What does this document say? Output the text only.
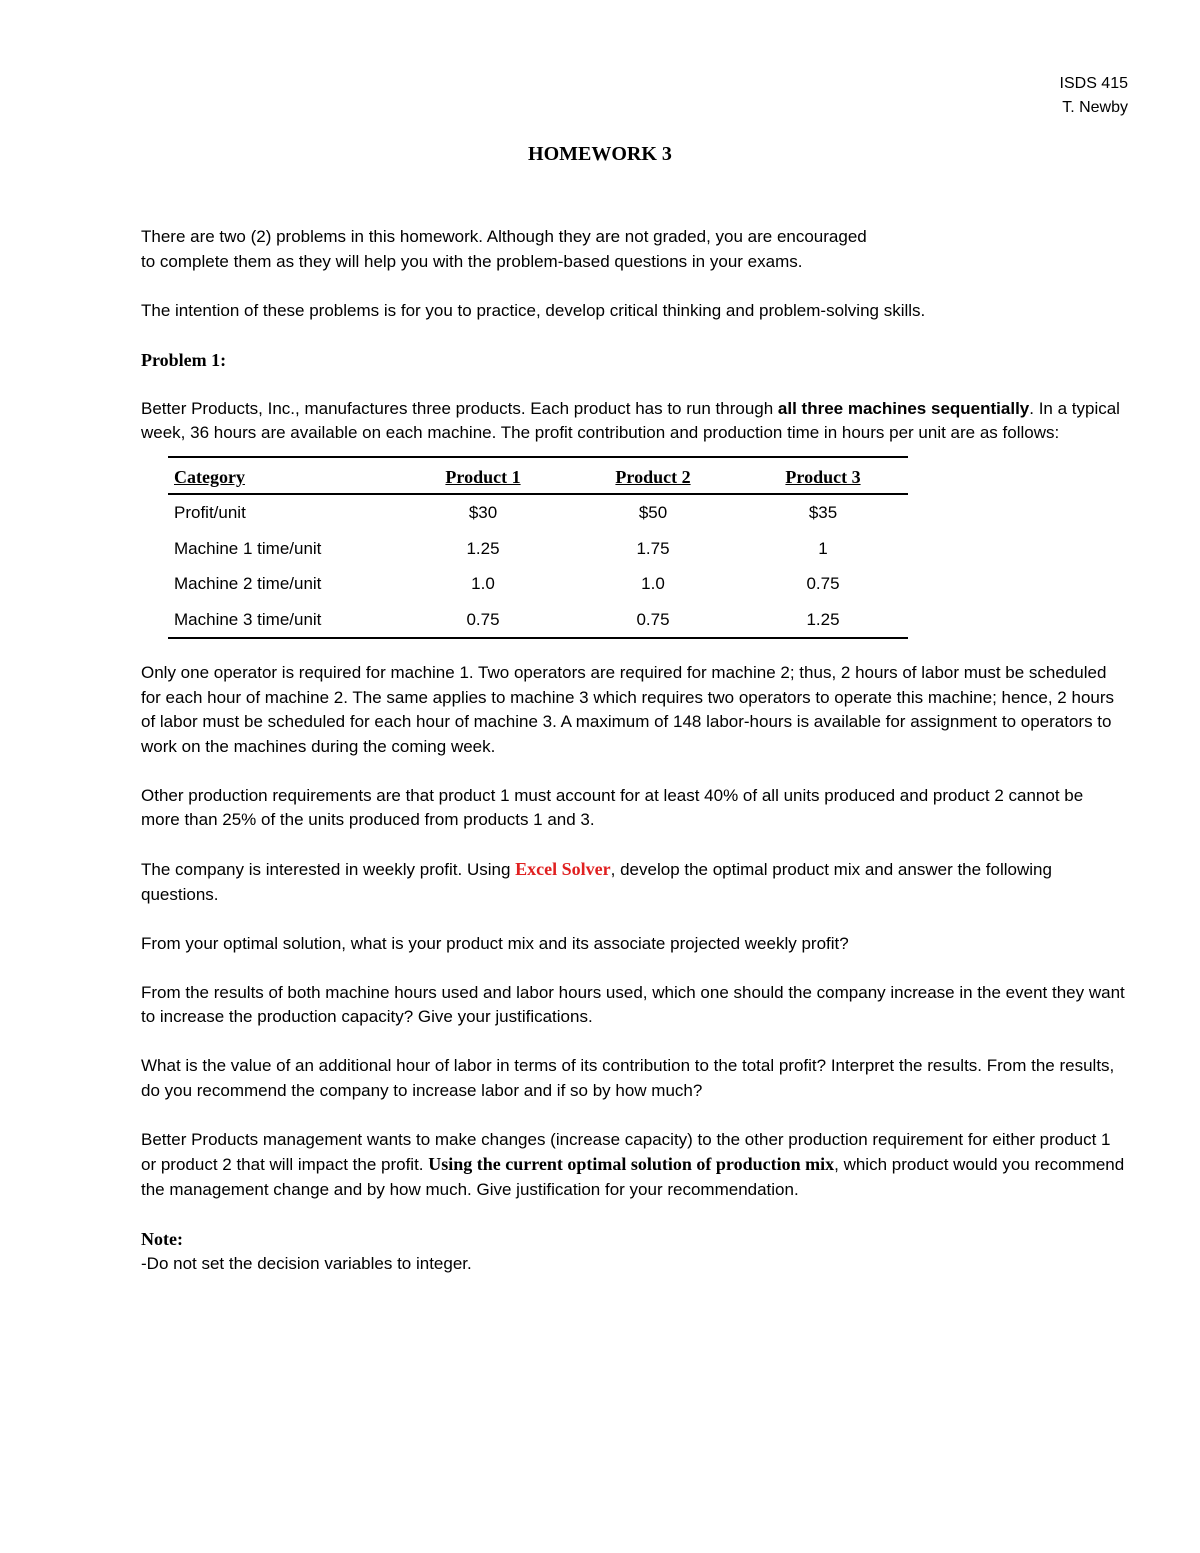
ISDS 415
T. Newby
HOMEWORK 3

There are two (2) problems in this homework. Although they are not graded, you are encouraged
to complete them as they will help you with the problem-based questions in your exams.

The intention of these problems is for you to practice, develop critical thinking and problem-solving skills.

Problem 1:

Better Products, Inc., manufactures three products. Each product has to run through all three machines sequentially. In a typical week, 36 hours are available on each machine. The profit contribution and production time in hours per unit are as follows:

Category	Product 1	Product 2	Product 3
Profit/unit	$30	$50	$35
Machine 1 time/unit	1.25	1.75	1
Machine 2 time/unit	1.0	1.0	0.75
Machine 3 time/unit	0.75	0.75	1.25

Only one operator is required for machine 1. Two operators are required for machine 2; thus, 2 hours of labor must be scheduled for each hour of machine 2. The same applies to machine 3 which requires two operators to operate this machine; hence, 2 hours of labor must be scheduled for each hour of machine 3. A maximum of 148 labor-hours is available for assignment to operators to work on the machines during the coming week.

Other production requirements are that product 1 must account for at least 40% of all units produced and product 2 cannot be more than 25% of the units produced from products 1 and 3.

The company is interested in weekly profit. Using Excel Solver, develop the optimal product mix and answer the following questions.

From your optimal solution, what is your product mix and its associate projected weekly profit?

From the results of both machine hours used and labor hours used, which one should the company increase in the event they want to increase the production capacity? Give your justifications.

What is the value of an additional hour of labor in terms of its contribution to the total profit? Interpret the results. From the results, do you recommend the company to increase labor and if so by how much?

Better Products management wants to make changes (increase capacity) to the other production requirement for either product 1 or product 2 that will impact the profit. Using the current optimal solution of production mix, which product would you recommend the management change and by how much. Give justification for your recommendation.

Note:
-Do not set the decision variables to integer.
